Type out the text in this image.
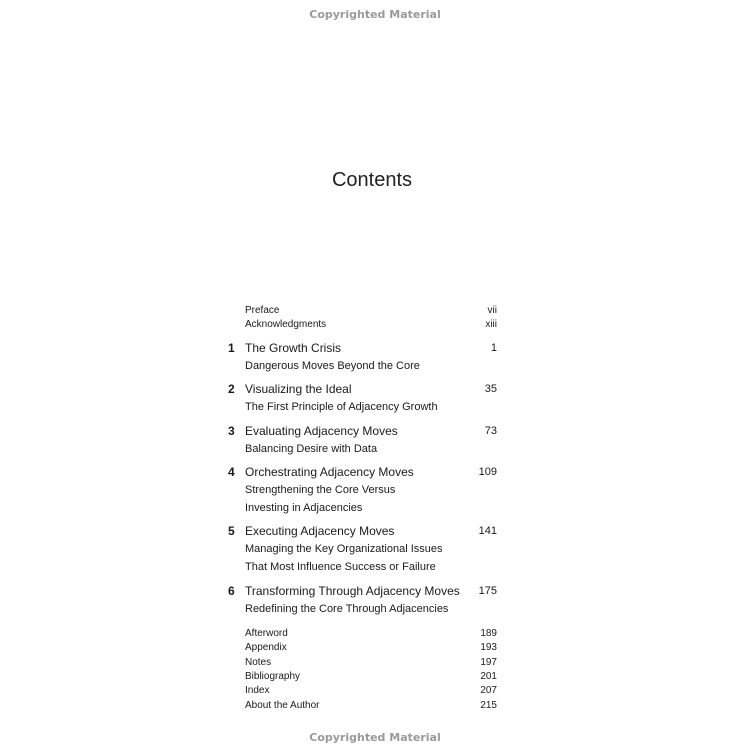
Copyrighted Material
Contents
Preface	vii
Acknowledgments	xiii
1 The Growth Crisis	1
Dangerous Moves Beyond the Core
2 Visualizing the Ideal	35
The First Principle of Adjacency Growth
3 Evaluating Adjacency Moves	73
Balancing Desire with Data
4 Orchestrating Adjacency Moves	109
Strengthening the Core Versus
Investing in Adjacencies
5 Executing Adjacency Moves	141
Managing the Key Organizational Issues
That Most Influence Success or Failure
6 Transforming Through Adjacency Moves 175
Redefining the Core Through Adjacencies
Afterword	189
Appendix	193
Notes	197
Bibliography	201
Index	207
About the Author	215
Copyrighted Material
